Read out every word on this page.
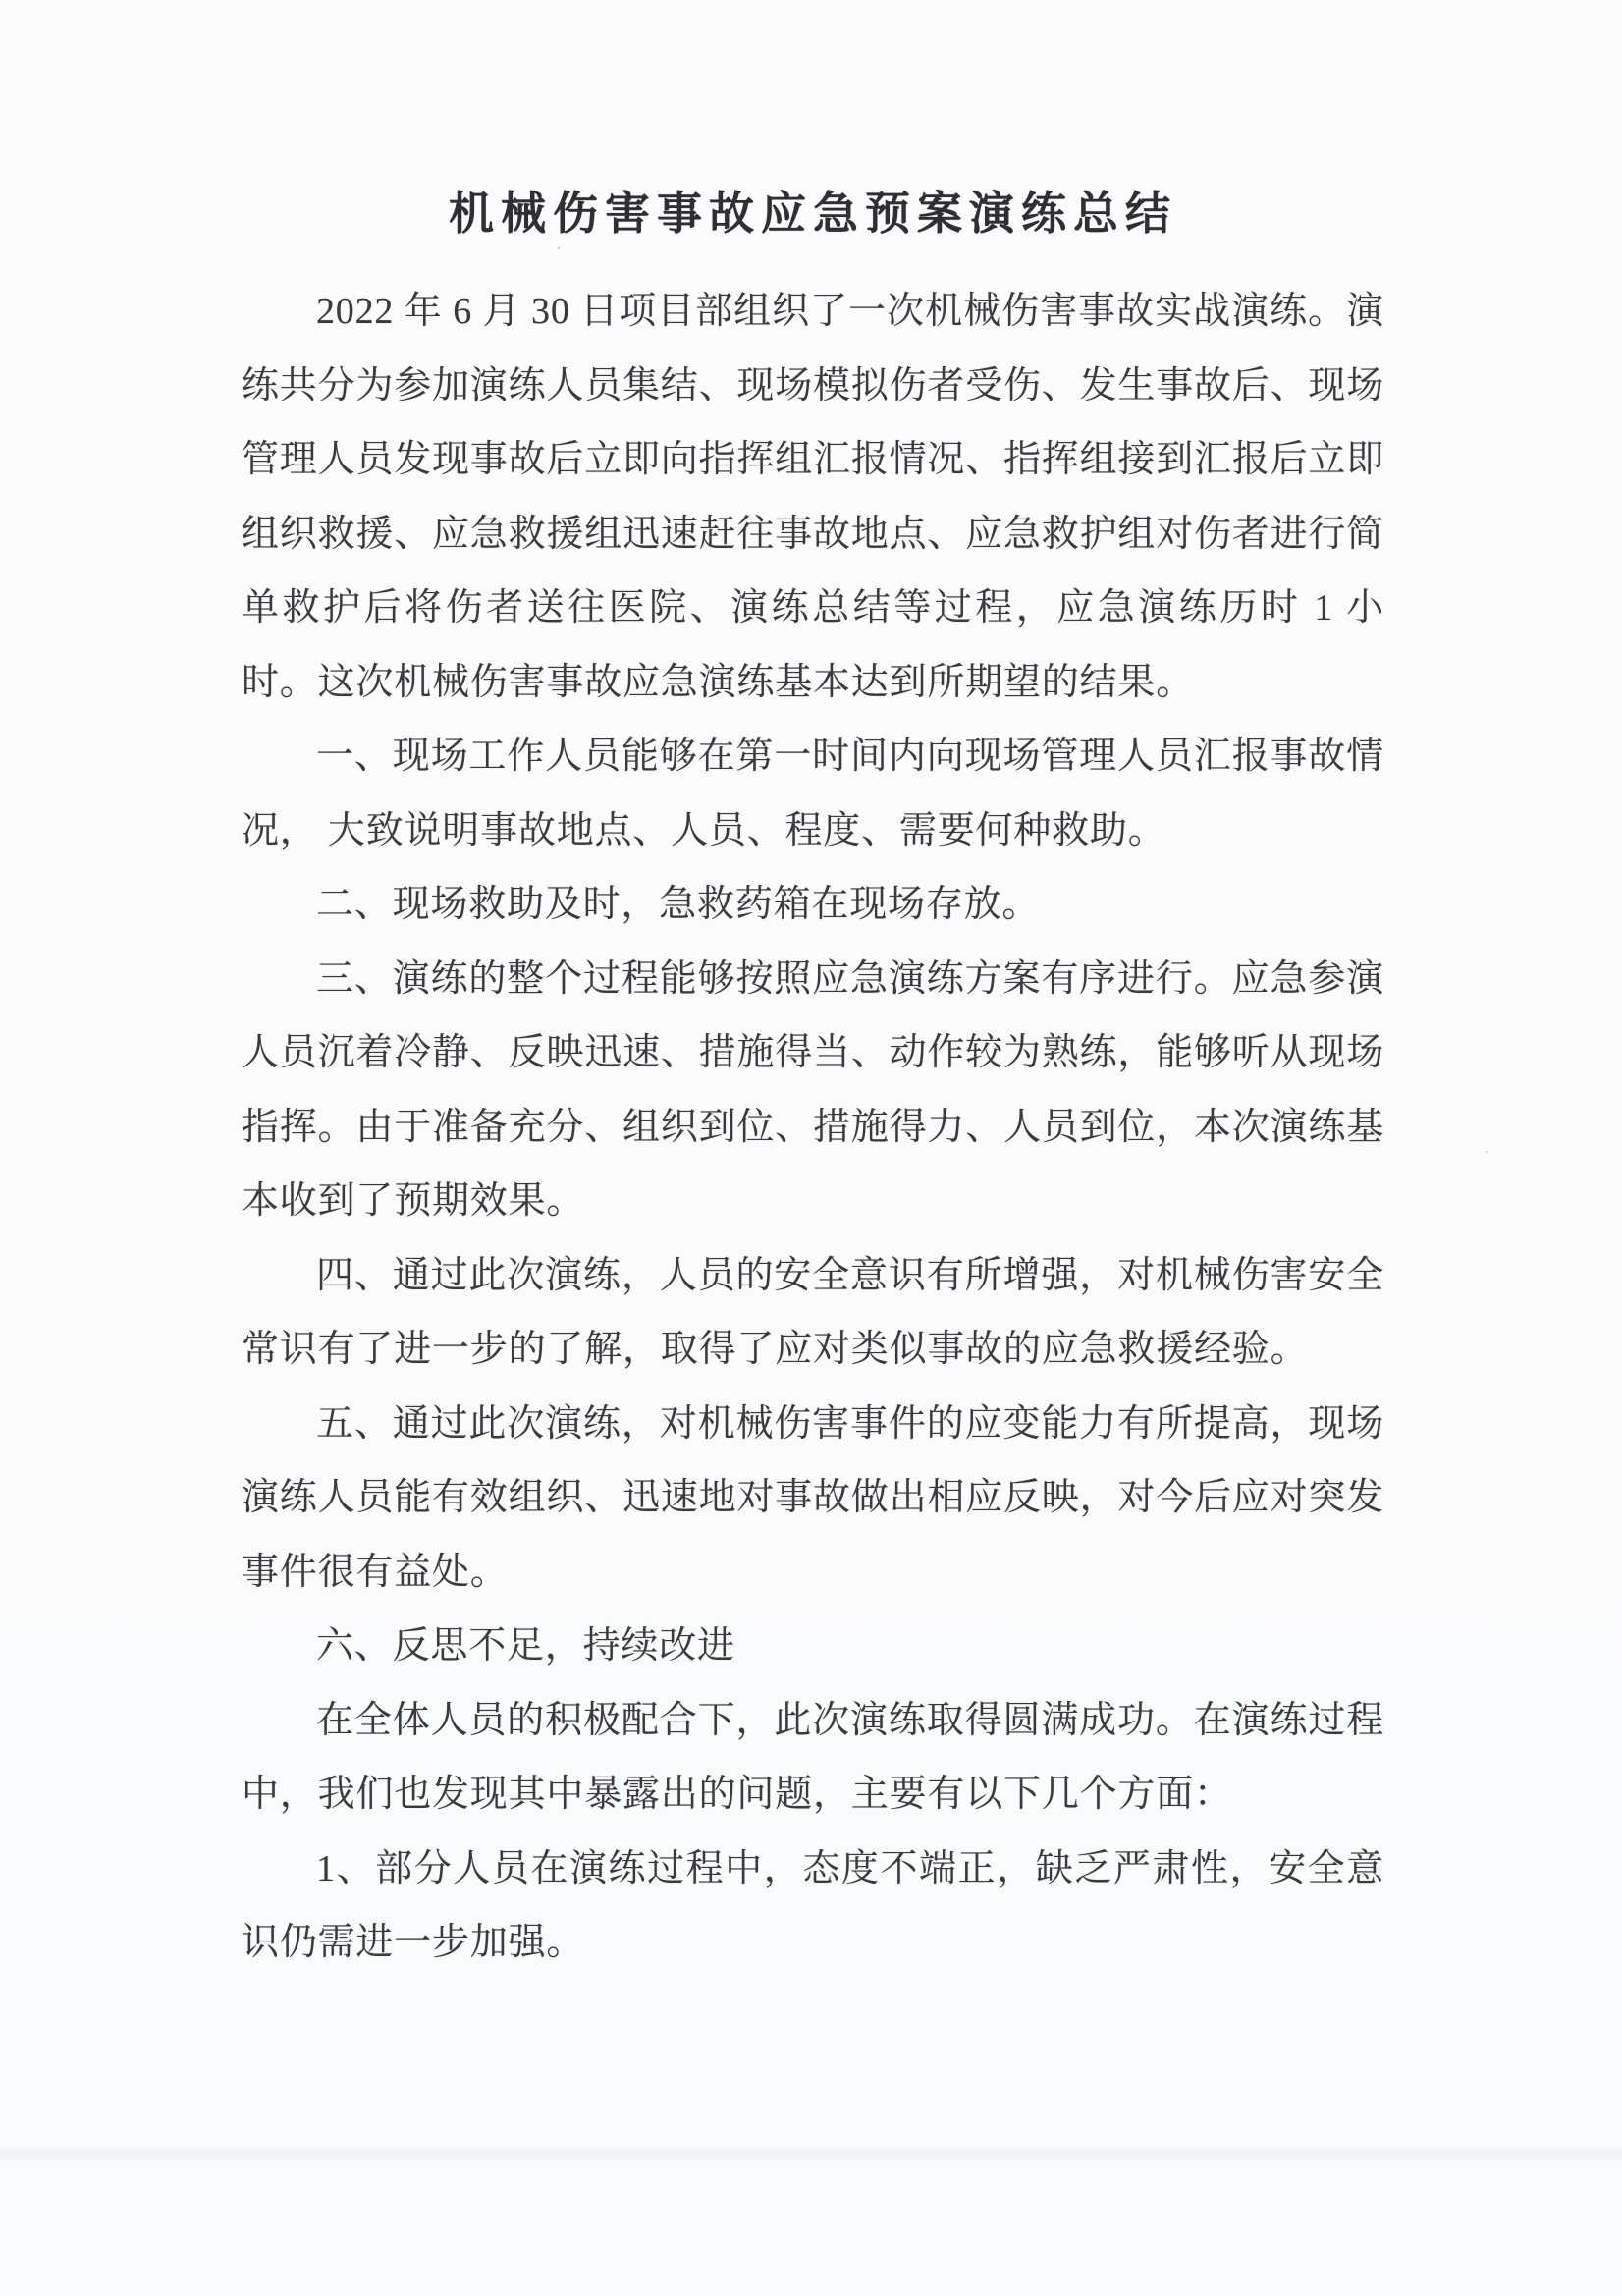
机械伤害事故应急预案演练总结

2022 年 6 月 30 日项目部组织了一次机械伤害事故实战演练。演练共分为参加演练人员集结、现场模拟伤者受伤、发生事故后、现场管理人员发现事故后立即向指挥组汇报情况、指挥组接到汇报后立即组织救援、应急救援组迅速赶往事故地点、应急救护组对伤者进行简单救护后将伤者送往医院、演练总结等过程，应急演练历时 1 小时。这次机械伤害事故应急演练基本达到所期望的结果。

一、现场工作人员能够在第一时间内向现场管理人员汇报事故情况， 大致说明事故地点、人员、程度、需要何种救助。

二、现场救助及时，急救药箱在现场存放。

三、演练的整个过程能够按照应急演练方案有序进行。应急参演人员沉着冷静、反映迅速、措施得当、动作较为熟练，能够听从现场指挥。由于准备充分、组织到位、措施得力、人员到位，本次演练基本收到了预期效果。

四、通过此次演练，人员的安全意识有所增强，对机械伤害安全常识有了进一步的了解，取得了应对类似事故的应急救援经验。

五、通过此次演练，对机械伤害事件的应变能力有所提高，现场演练人员能有效组织、迅速地对事故做出相应反映，对今后应对突发事件很有益处。

六、反思不足，持续改进

在全体人员的积极配合下，此次演练取得圆满成功。在演练过程中，我们也发现其中暴露出的问题，主要有以下几个方面：

1、部分人员在演练过程中，态度不端正，缺乏严肃性，安全意识仍需进一步加强。
